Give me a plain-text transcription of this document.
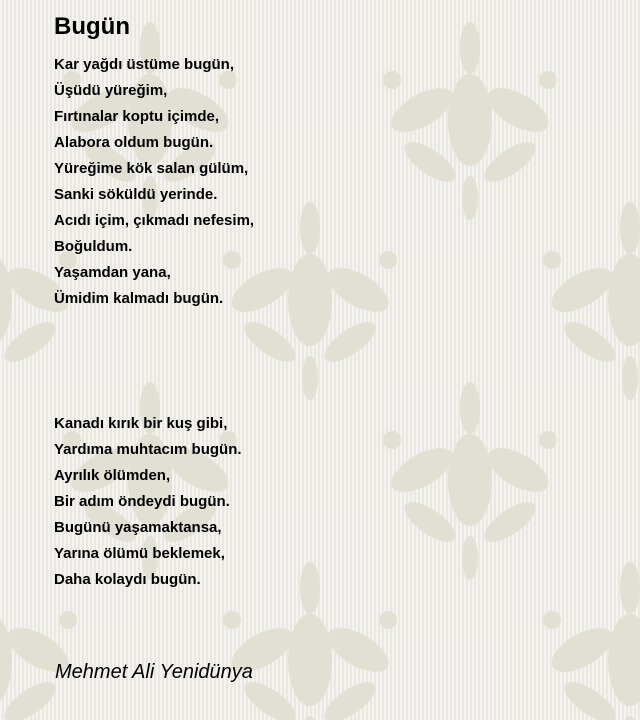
Bugün
Kar yağdı üstüme bugün,
Üşüdü yüreğim,
Fırtınalar koptu içimde,
Alabora oldum bugün.
Yüreğime kök salan gülüm,
Sanki söküldü yerinde.
Acıdı içim, çıkmadı nefesim,
Boğuldum.
Yaşamdan yana,
Ümidim kalmadı bugün.
Kanadı kırık bir kuş gibi,
Yardıma muhtacım bugün.
Ayrılık ölümden,
Bir adım öndeydi bugün.
Bugünü yaşamaktansa,
Yarına ölümü beklemek,
Daha kolaydı bugün.
Mehmet Ali Yenidünya
